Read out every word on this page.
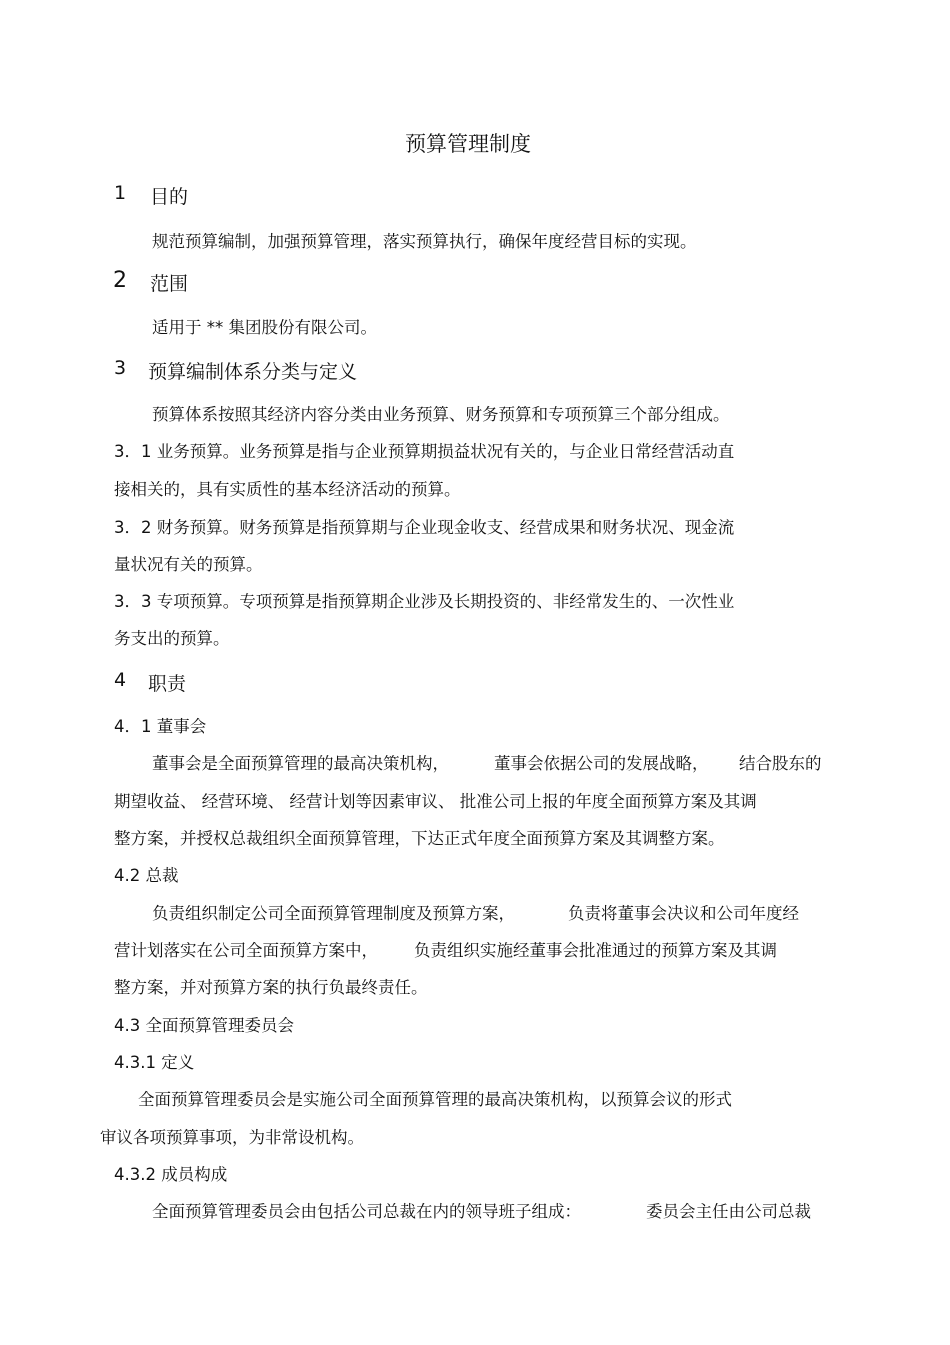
预算管理制度
1 目的
规范预算编制，加强预算管理，落实预算执行，确保年度经营目标的实现。
2 范围
适用于 ** 集团股份有限公司。
3 预算编制体系分类与定义
预算体系按照其经济内容分类由业务预算、财务预算和专项预算三个部分组成。
3．1 业务预算。业务预算是指与企业预算期损益状况有关的，与企业日常经营活动直
接相关的，具有实质性的基本经济活动的预算。
3．2 财务预算。财务预算是指预算期与企业现金收支、经营成果和财务状况、现金流
量状况有关的预算。
3．3 专项预算。专项预算是指预算期企业涉及长期投资的、非经常发生的、一次性业
务支出的预算。
4 职责
4．1 董事会
董事会是全面预算管理的最高决策机构，	董事会依据公司的发展战略， 结合股东的
期望收益、 经营环境、 经营计划等因素审议、 批准公司上报的年度全面预算方案及其调
整方案，并授权总裁组织全面预算管理，下达正式年度全面预算方案及其调整方案。
4.2 总裁
负责组织制定公司全面预算管理制度及预算方案，	负责将董事会决议和公司年度经
营计划落实在公司全面预算方案中， 负责组织实施经董事会批准通过的预算方案及其调
整方案，并对预算方案的执行负最终责任。
4.3 全面预算管理委员会
4.3.1 定义
全面预算管理委员会是实施公司全面预算管理的最高决策机构，以预算会议的形式
审议各项预算事项，为非常设机构。
4.3.2 成员构成
全面预算管理委员会由包括公司总裁在内的领导班子组成：	委员会主任由公司总裁
